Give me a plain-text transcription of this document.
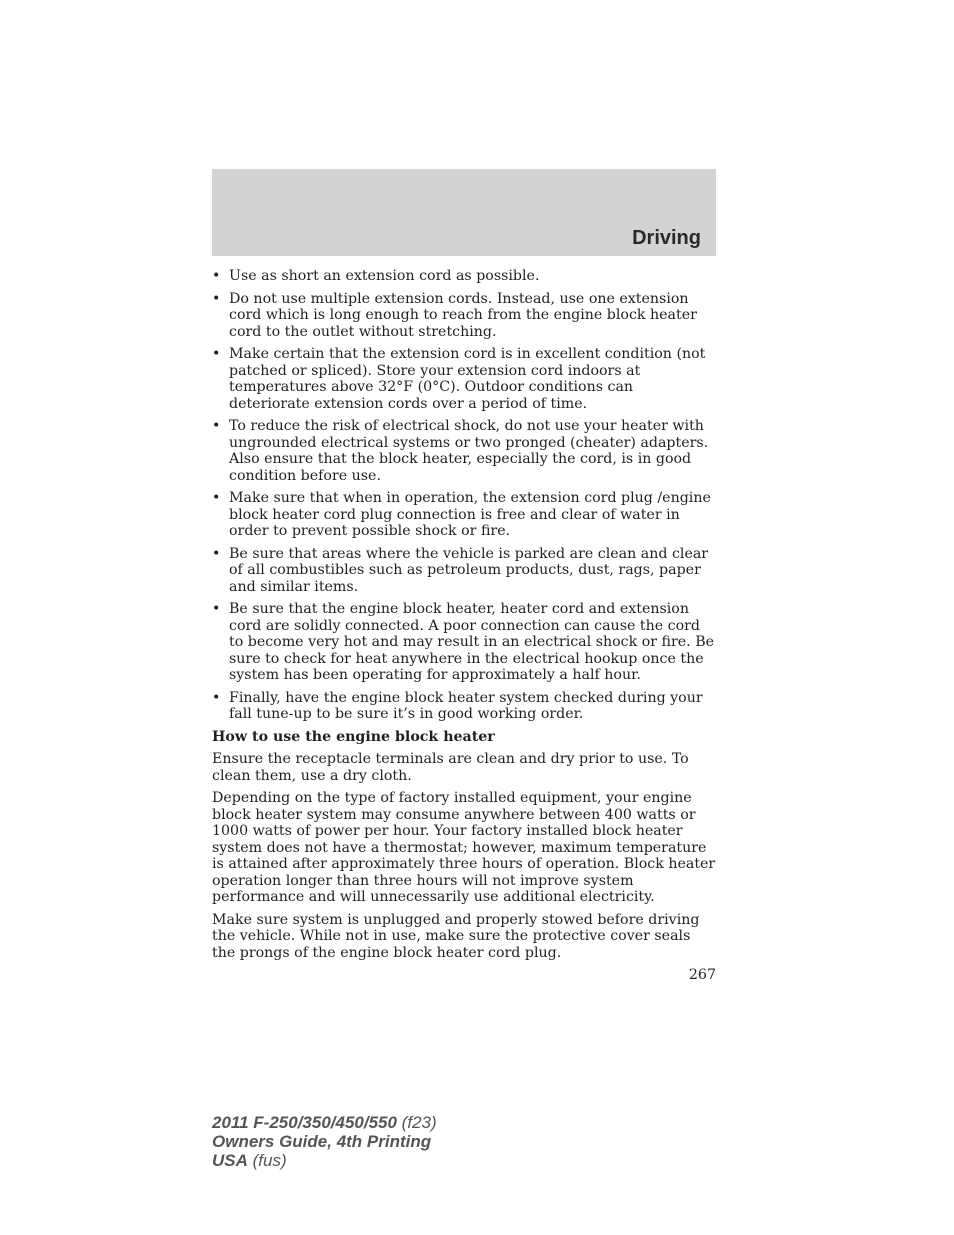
Driving
• Use as short an extension cord as possible.
• Do not use multiple extension cords. Instead, use one extension cord which is long enough to reach from the engine block heater cord to the outlet without stretching.
• Make certain that the extension cord is in excellent condition (not patched or spliced). Store your extension cord indoors at temperatures above 32°F (0°C). Outdoor conditions can deteriorate extension cords over a period of time.
• To reduce the risk of electrical shock, do not use your heater with ungrounded electrical systems or two pronged (cheater) adapters. Also ensure that the block heater, especially the cord, is in good condition before use.
• Make sure that when in operation, the extension cord plug /engine block heater cord plug connection is free and clear of water in order to prevent possible shock or fire.
• Be sure that areas where the vehicle is parked are clean and clear of all combustibles such as petroleum products, dust, rags, paper and similar items.
• Be sure that the engine block heater, heater cord and extension cord are solidly connected. A poor connection can cause the cord to become very hot and may result in an electrical shock or fire. Be sure to check for heat anywhere in the electrical hookup once the system has been operating for approximately a half hour.
• Finally, have the engine block heater system checked during your fall tune-up to be sure it’s in good working order.
How to use the engine block heater

Ensure the receptacle terminals are clean and dry prior to use. To clean them, use a dry cloth.

Depending on the type of factory installed equipment, your engine block heater system may consume anywhere between 400 watts or 1000 watts of power per hour. Your factory installed block heater system does not have a thermostat; however, maximum temperature is attained after approximately three hours of operation. Block heater operation longer than three hours will not improve system performance and will unnecessarily use additional electricity.

Make sure system is unplugged and properly stowed before driving the vehicle. While not in use, make sure the protective cover seals the prongs of the engine block heater cord plug.

267
2011 F-250/350/450/550 (f23)
Owners Guide, 4th Printing
USA (fus)
